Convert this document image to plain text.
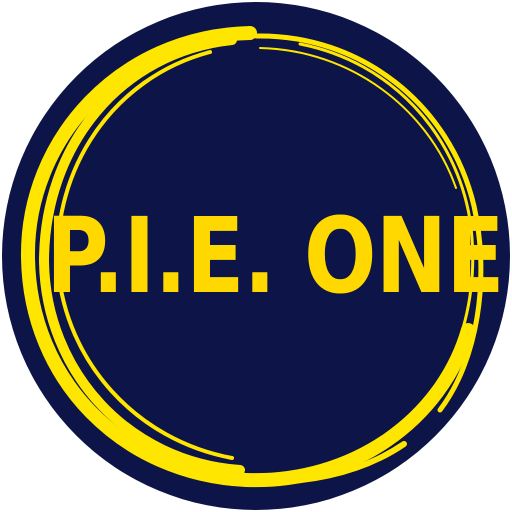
P.I.E. ONE
